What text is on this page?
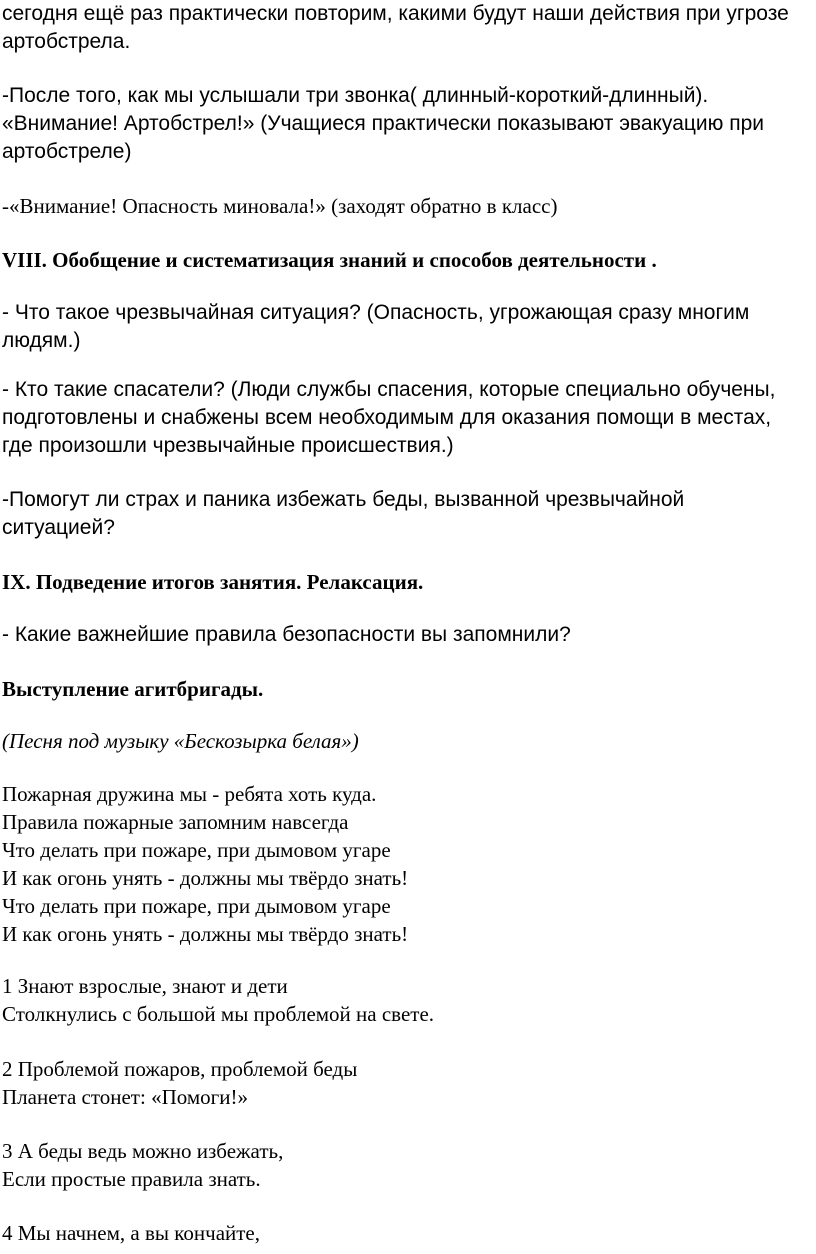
сегодня ещё раз практически повторим, какими будут наши действия при угрозе артобстрела.

-После того, как мы услышали три звонка( длинный-короткий-длинный).
«Внимание! Артобстрел!» (Учащиеся практически показывают эвакуацию при артобстреле)

-«Внимание! Опасность миновала!» (заходят обратно в класс)

VIII. Обобщение и систематизация знаний и способов деятельности .

- Что такое чрезвычайная ситуация? (Опасность, угрожающая сразу многим людям.)

- Кто такие спасатели? (Люди службы спасения, которые специально обучены, подготовлены и снабжены всем необходимым для оказания помощи в местах, где произошли чрезвычайные происшествия.)

-Помогут ли страх и паника избежать беды, вызванной чрезвычайной ситуацией?

IX. Подведение итогов занятия. Релаксация.

- Какие важнейшие правила безопасности вы запомнили?

Выступление агитбригады.

(Песня под музыку «Бескозырка белая»)

Пожарная дружина мы - ребята хоть куда.
Правила пожарные запомним навсегда
Что делать при пожаре, при дымовом угаре
И как огонь унять - должны мы твёрдо знать!
Что делать при пожаре, при дымовом угаре
И как огонь унять - должны мы твёрдо знать!
1 Знают взрослые, знают и дети
Столкнулись с большой мы проблемой на свете.
2 Проблемой пожаров, проблемой беды
Планета стонет: «Помоги!»
3 А беды ведь можно избежать,
Если простые правила знать.
4 Мы начнем, а вы кончайте,
